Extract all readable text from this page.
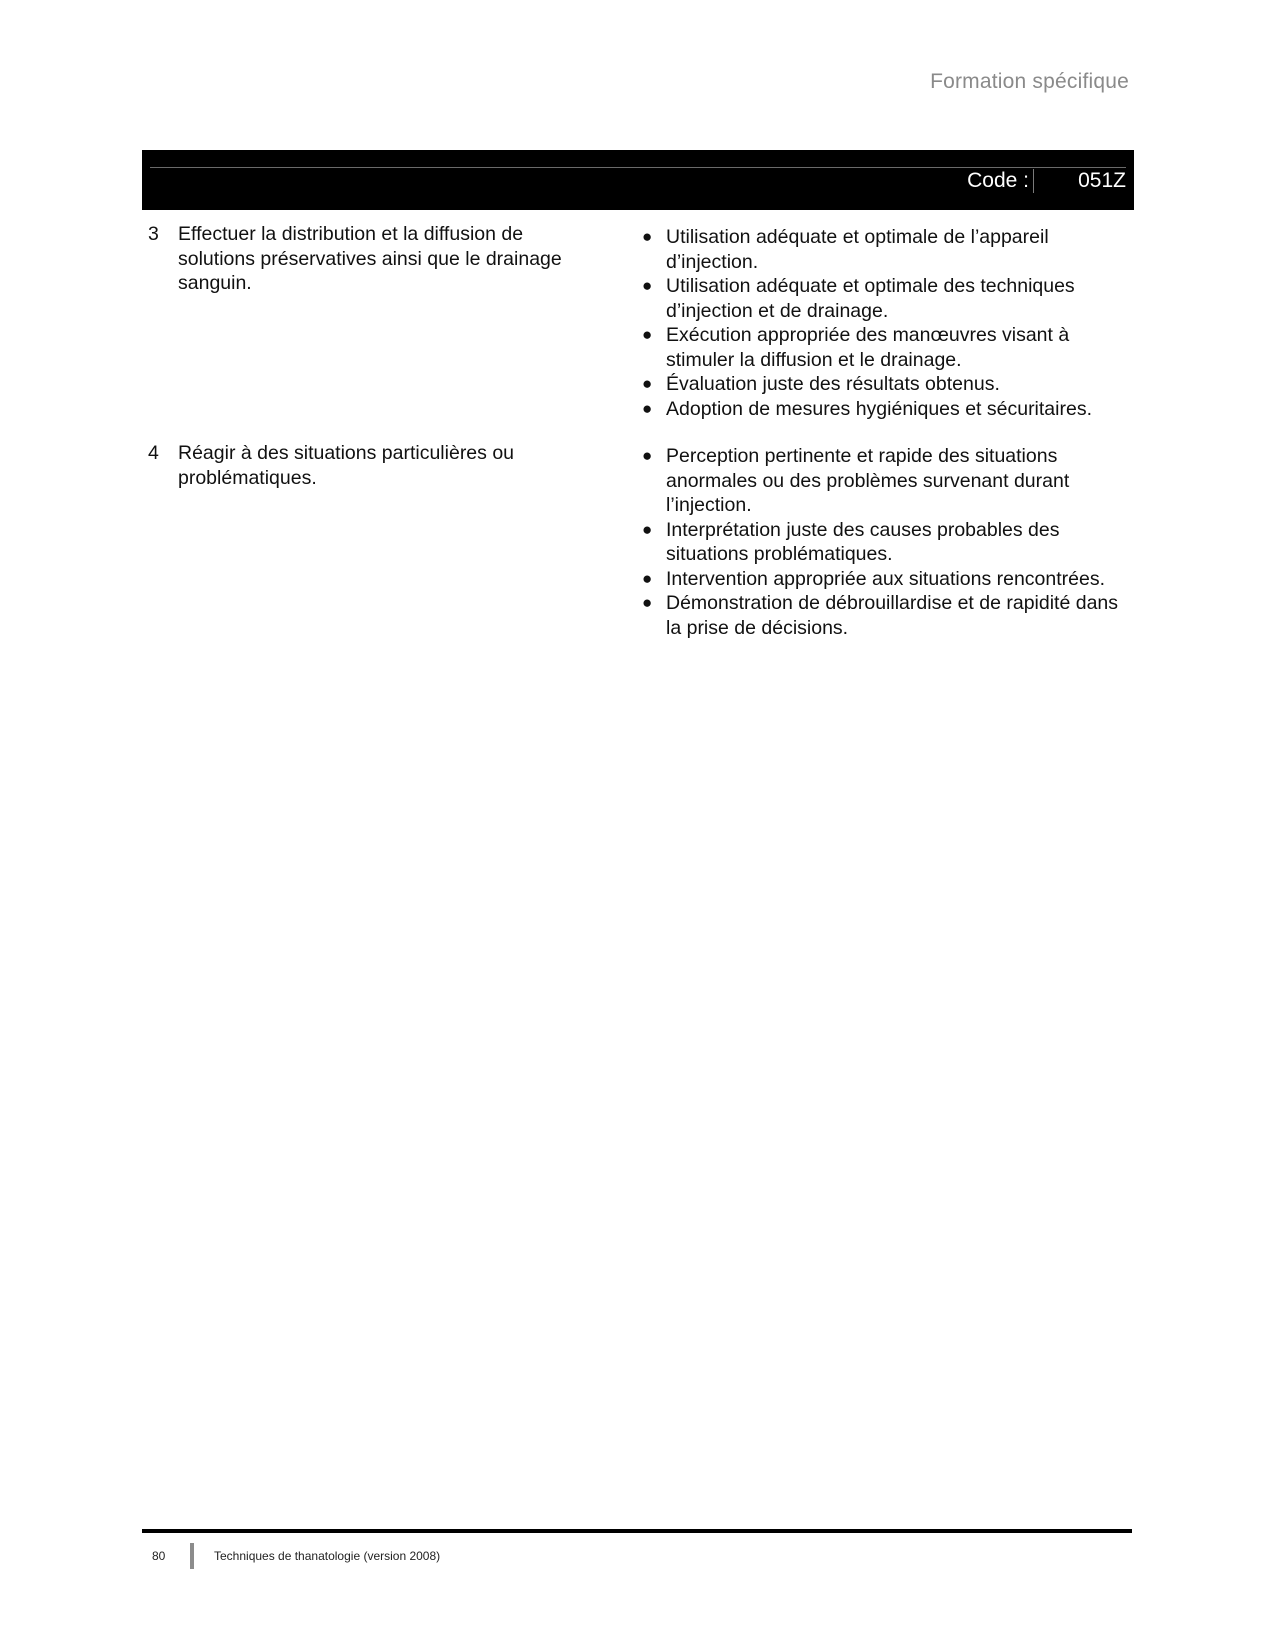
Formation spécifique
Code : 051Z
3 Effectuer la distribution et la diffusion de solutions préservatives ainsi que le drainage sanguin.
● Utilisation adéquate et optimale de l’appareil d’injection.
● Utilisation adéquate et optimale des techniques d’injection et de drainage.
● Exécution appropriée des manœuvres visant à stimuler la diffusion et le drainage.
● Évaluation juste des résultats obtenus.
● Adoption de mesures hygiéniques et sécuritaires.
4 Réagir à des situations particulières ou problématiques.
● Perception pertinente et rapide des situations anormales ou des problèmes survenant durant l’injection.
● Interprétation juste des causes probables des situations problématiques.
● Intervention appropriée aux situations rencontrées.
● Démonstration de débrouillardise et de rapidité dans la prise de décisions.
80	Techniques de thanatologie (version 2008)
